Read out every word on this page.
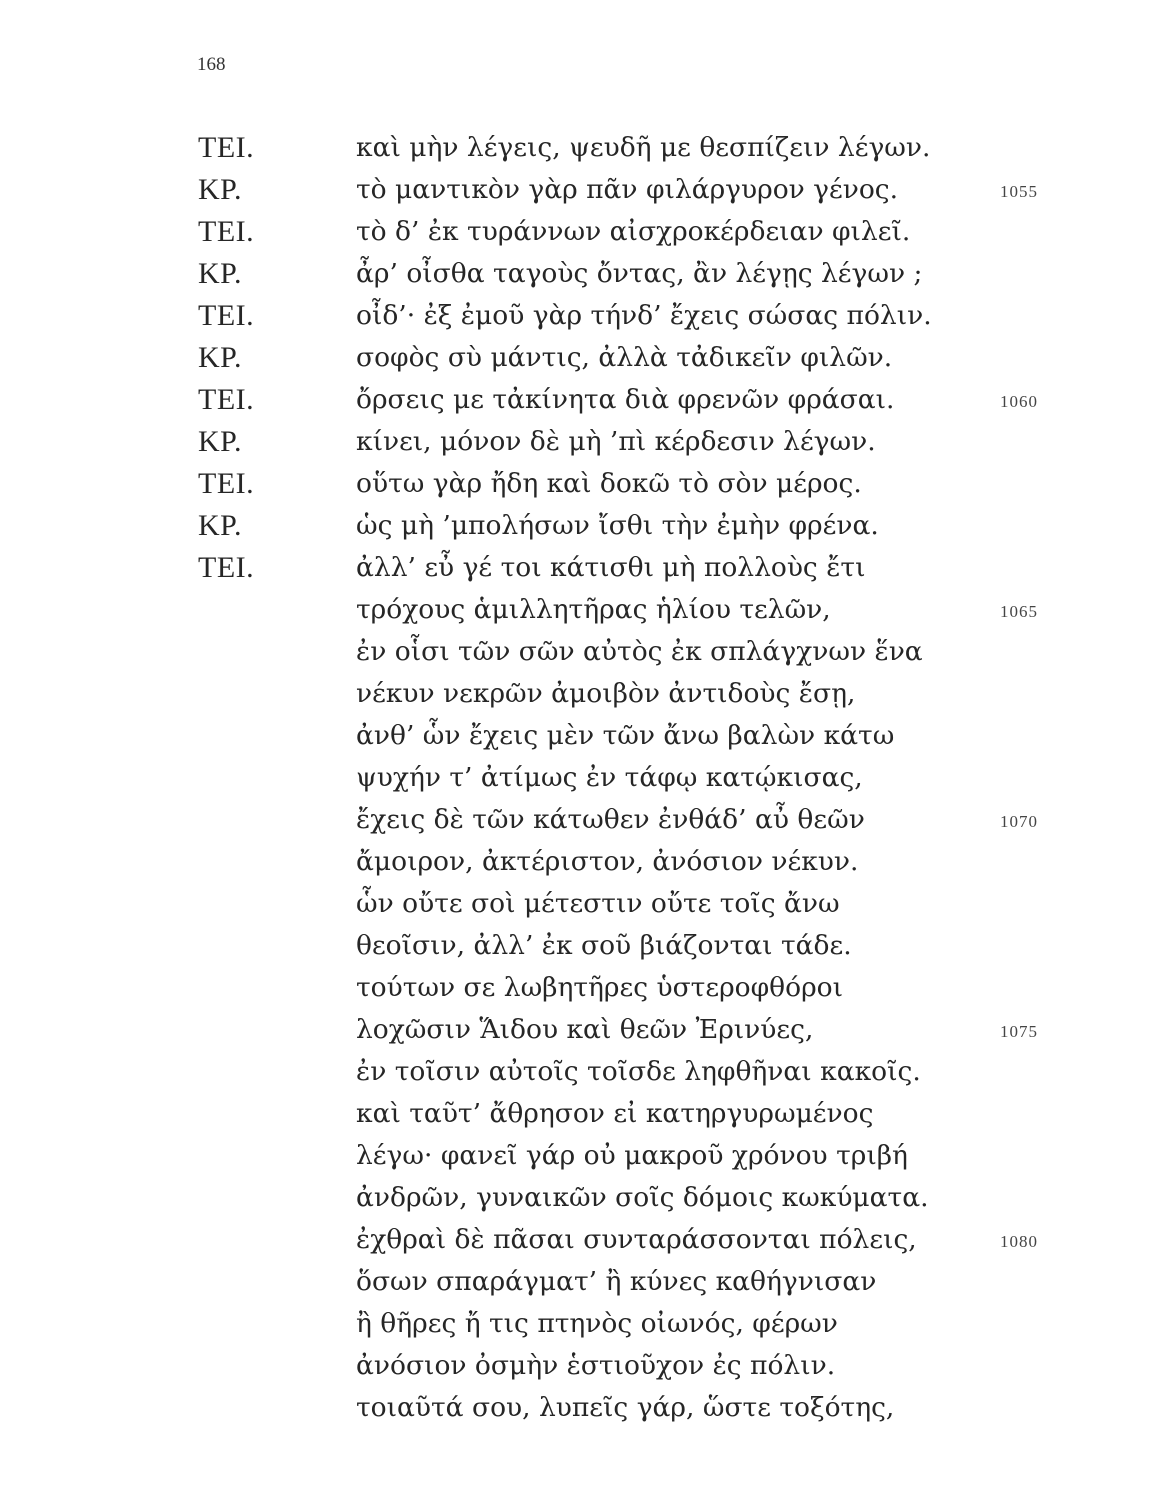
168
ΤΕΙ.	καὶ μὴν λέγεις, ψευδῆ με θεσπίζειν λέγων.
ΚΡ.	τὸ μαντικὸν γὰρ πᾶν φιλάργυρον γένος.	1055
ΤΕΙ.	τὸ δ’ ἐκ τυράννων αἰσχροκέρδειαν φιλεῖ.
ΚΡ.	ἆρ’ οἶσθα ταγοὺς ὄντας, ἂν λέγῃς λέγων ;
ΤΕΙ.	οἶδ’· ἐξ ἐμοῦ γὰρ τήνδ’ ἔχεις σώσας πόλιν.
ΚΡ.	σοφὸς σὺ μάντις, ἀλλὰ τἀδικεῖν φιλῶν.
ΤΕΙ.	ὄρσεις με τἀκίνητα διὰ φρενῶν φράσαι.	1060
ΚΡ.	κίνει, μόνον δὲ μὴ ’πὶ κέρδεσιν λέγων.
ΤΕΙ.	οὕτω γὰρ ἤδη καὶ δοκῶ τὸ σὸν μέρος.
ΚΡ.	ὡς μὴ ’μπολήσων ἴσθι τὴν ἐμὴν φρένα.
ΤΕΙ.	ἀλλ’ εὖ γέ τοι κάτισθι μὴ πολλοὺς ἔτι
τρόχους ἁμιλλητῆρας ἡλίου τελῶν,	1065
ἐν οἷσι τῶν σῶν αὐτὸς ἐκ σπλάγχνων ἕνα
νέκυν νεκρῶν ἀμοιβὸν ἀντιδοὺς ἔσῃ,
ἀνθ’ ὧν ἔχεις μὲν τῶν ἄνω βαλὼν κάτω
ψυχήν τ’ ἀτίμως ἐν τάφῳ κατῴκισας,
ἔχεις δὲ τῶν κάτωθεν ἐνθάδ’ αὖ θεῶν	1070
ἄμοιρον, ἀκτέριστον, ἀνόσιον νέκυν.
ὧν οὔτε σοὶ μέτεστιν οὔτε τοῖς ἄνω
θεοῖσιν, ἀλλ’ ἐκ σοῦ βιάζονται τάδε.
τούτων σε λωβητῆρες ὑστεροφθόροι
λοχῶσιν Ἅιδου καὶ θεῶν Ἐρινύες,	1075
ἐν τοῖσιν αὐτοῖς τοῖσδε ληφθῆναι κακοῖς.
καὶ ταῦτ’ ἄθρησον εἰ κατηργυρωμένος
λέγω· φανεῖ γάρ οὐ μακροῦ χρόνου τριβή
ἀνδρῶν, γυναικῶν σοῖς δόμοις κωκύματα.
ἐχθραὶ δὲ πᾶσαι συνταράσσονται πόλεις,	1080
ὅσων σπαράγματ’ ἢ κύνες καθήγνισαν
ἢ θῆρες ἤ τις πτηνὸς οἰωνός, φέρων
ἀνόσιον ὀσμὴν ἑστιοῦχον ἐς πόλιν.
τοιαῦτά σου, λυπεῖς γάρ, ὥστε τοξότης,
